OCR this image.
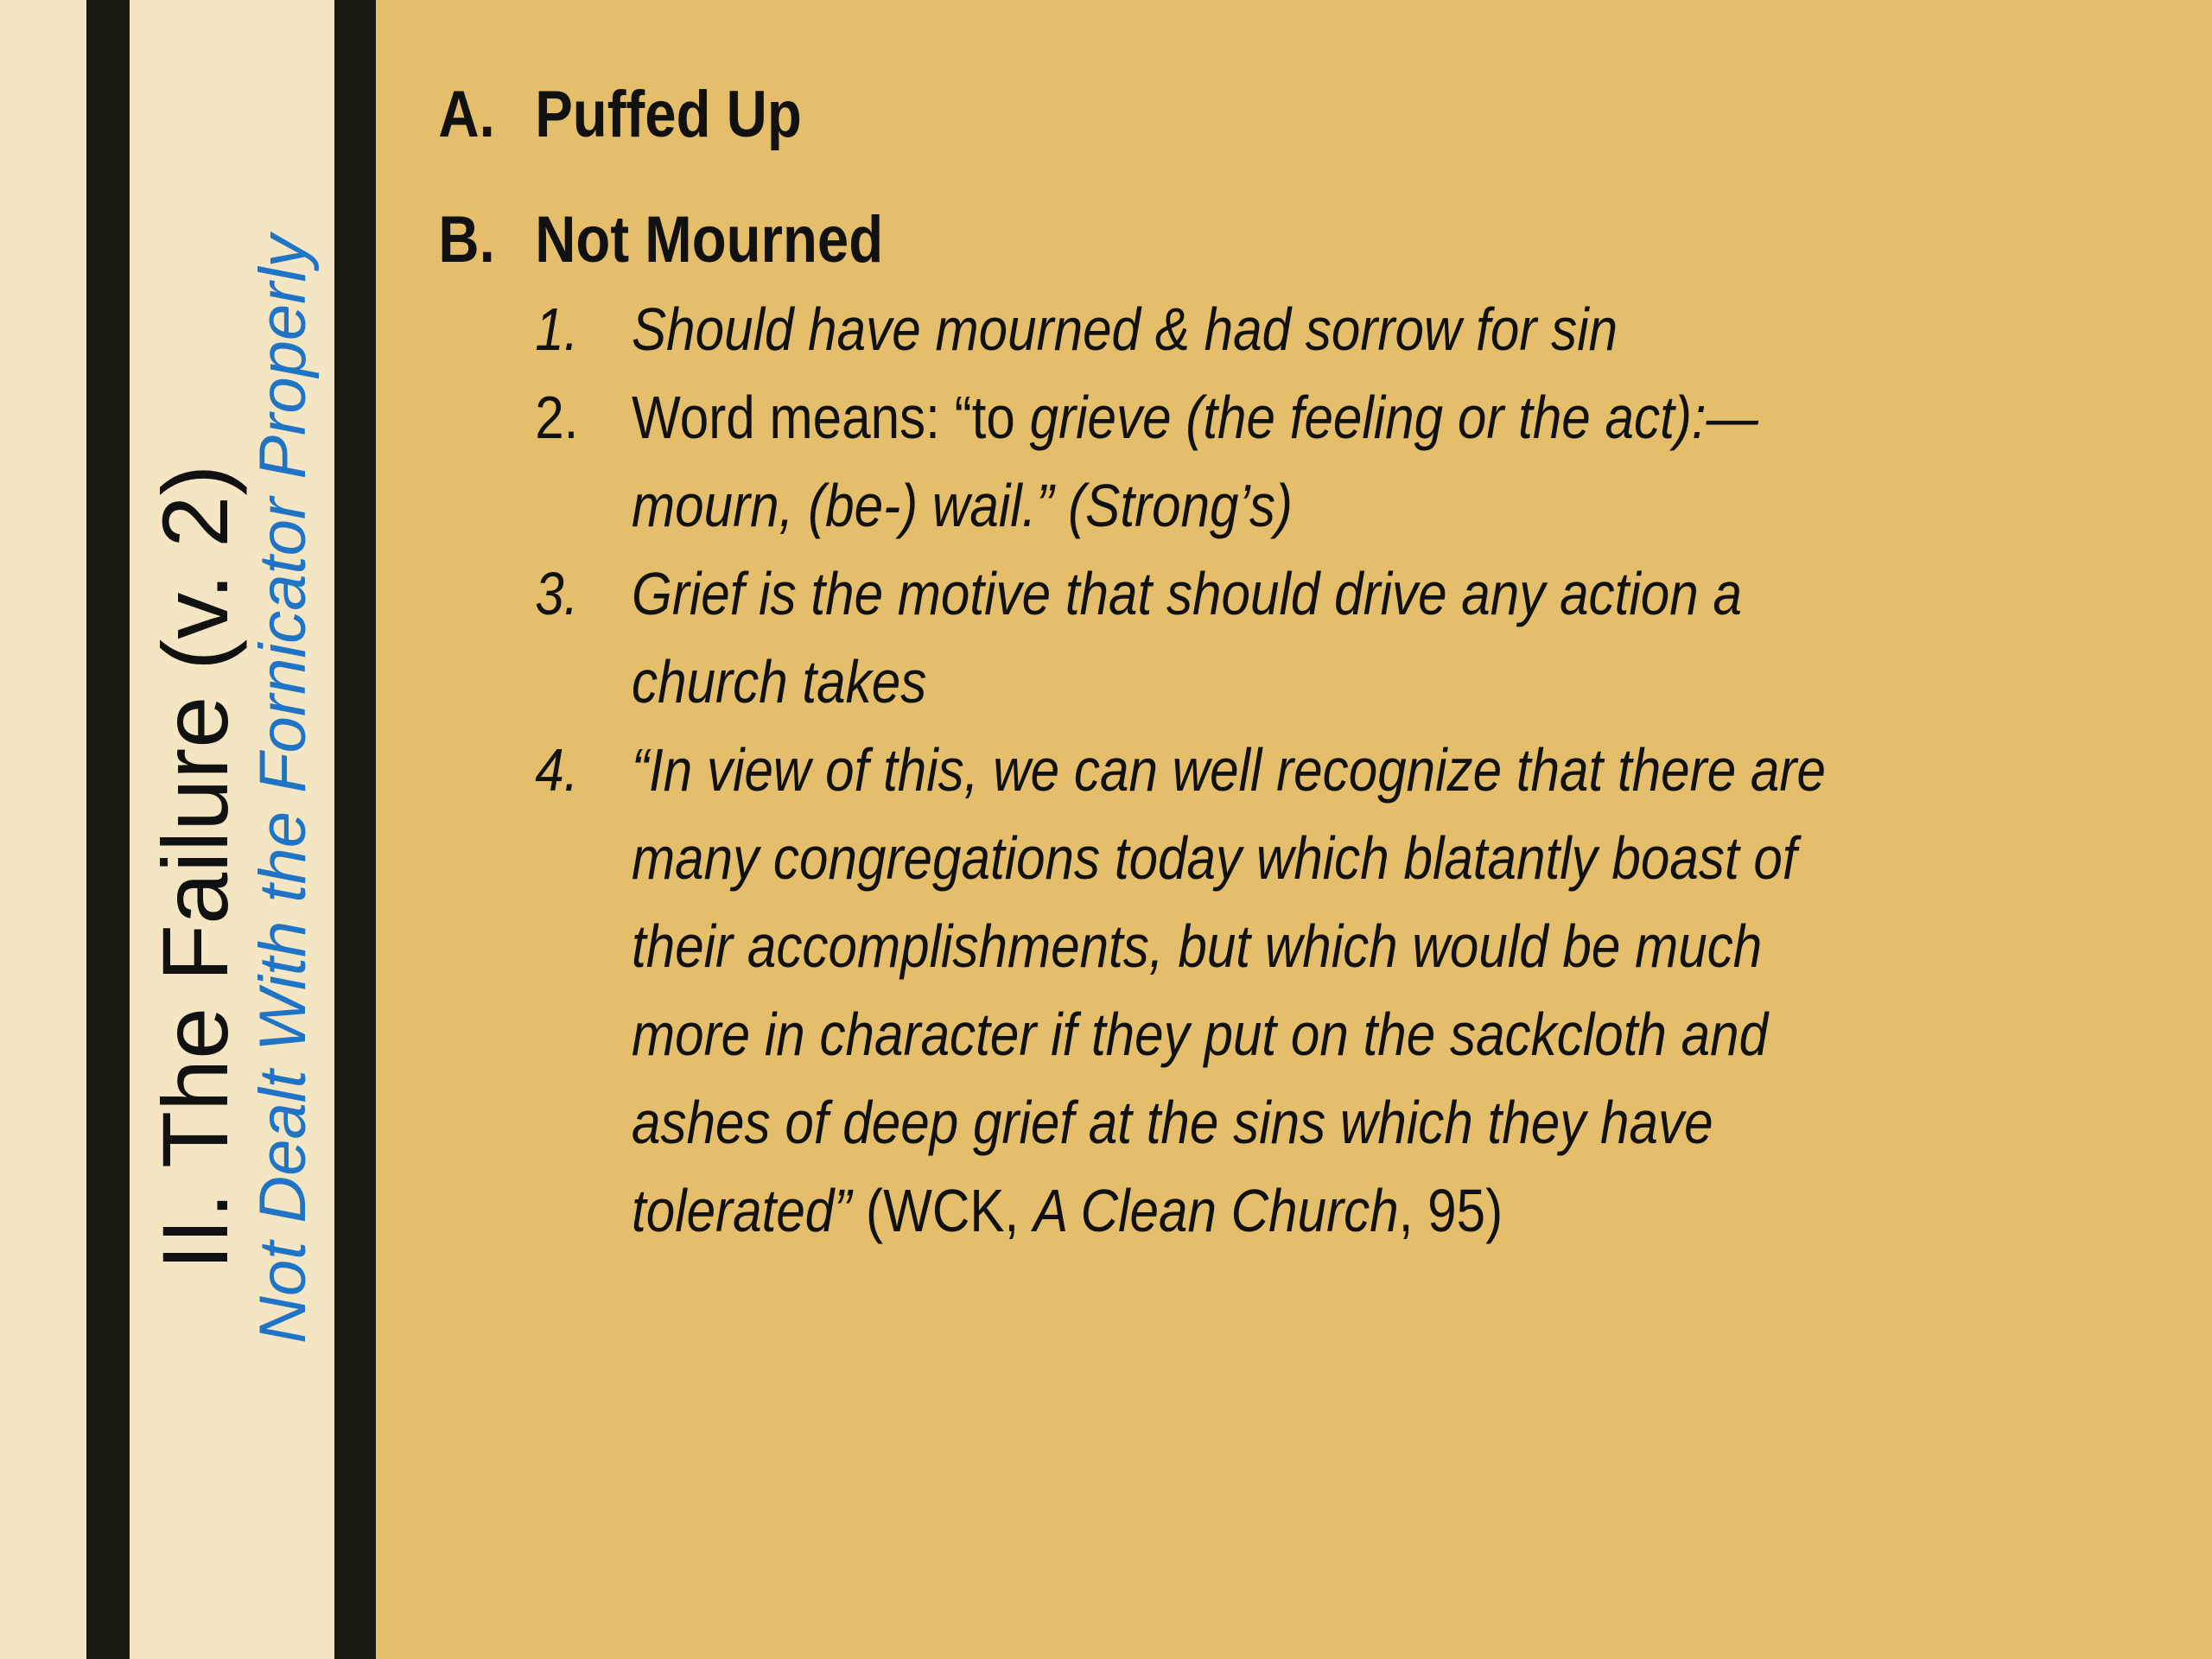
II. The Failure (v. 2) Not Dealt With the Fornicator Properly
A. Puffed Up
B. Not Mourned
1. Should have mourned & had sorrow for sin
2. Word means: “to grieve (the feeling or the act):— mourn, (be-) wail.” (Strong’s)
3. Grief is the motive that should drive any action a church takes
4. “In view of this, we can well recognize that there are many congregations today which blatantly boast of their accomplishments, but which would be much more in character if they put on the sackcloth and ashes of deep grief at the sins which they have tolerated” (WCK, A Clean Church, 95)
